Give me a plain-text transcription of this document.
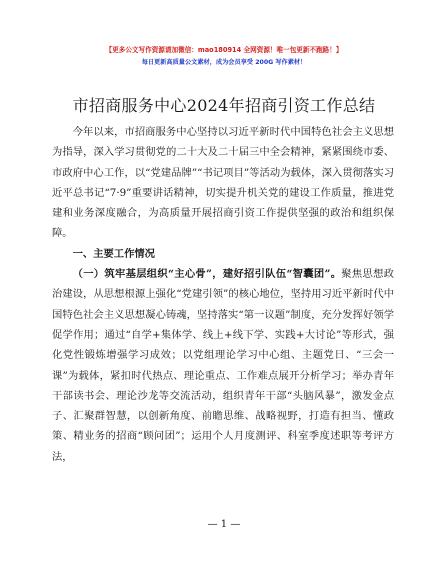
【更多公文写作资源请加微信：mao180914 全网资源！唯一包更新不跑路！】
每日更新高质量公文素材，成为会员享受 200G 写作素材！
市招商服务中心2024年招商引资工作总结

今年以来，市招商服务中心坚持以习近平新时代中国特色社会主义思想为指导，深入学习贯彻党的二十大及二十届三中全会精神，紧紧围绕市委、市政府中心工作，以“党建品牌”“书记项目”等活动为载体，深入贯彻落实习近平总书记“7·9”重要讲话精神，切实提升机关党的建设工作质量，推进党建和业务深度融合，为高质量开展招商引资工作提供坚强的政治和组织保障。

一、主要工作情况

（一）筑牢基层组织“主心骨”，建好招引队伍“智囊团”。聚焦思想政治建设，从思想根源上强化“党建引领”的核心地位，坚持用习近平新时代中国特色社会主义思想凝心铸魂，坚持落实“第一议题”制度，充分发挥好领学促学作用；通过“自学+集体学、线上+线下学、实践+大讨论”等形式，强化党性锻炼增强学习成效；以党组理论学习中心组、主题党日、“三会一课”为载体，紧扣时代热点、理论重点、工作难点展开分析学习；举办青年干部读书会、理论沙龙等交流活动，组织青年干部“头脑风暴”，激发金点子、汇聚群智慧，以创新角度、前瞻思维、战略视野，打造有担当、懂政策、精业务的招商“顾问团”；运用个人月度测评、科室季度述职等考评方法，

— 1 —
